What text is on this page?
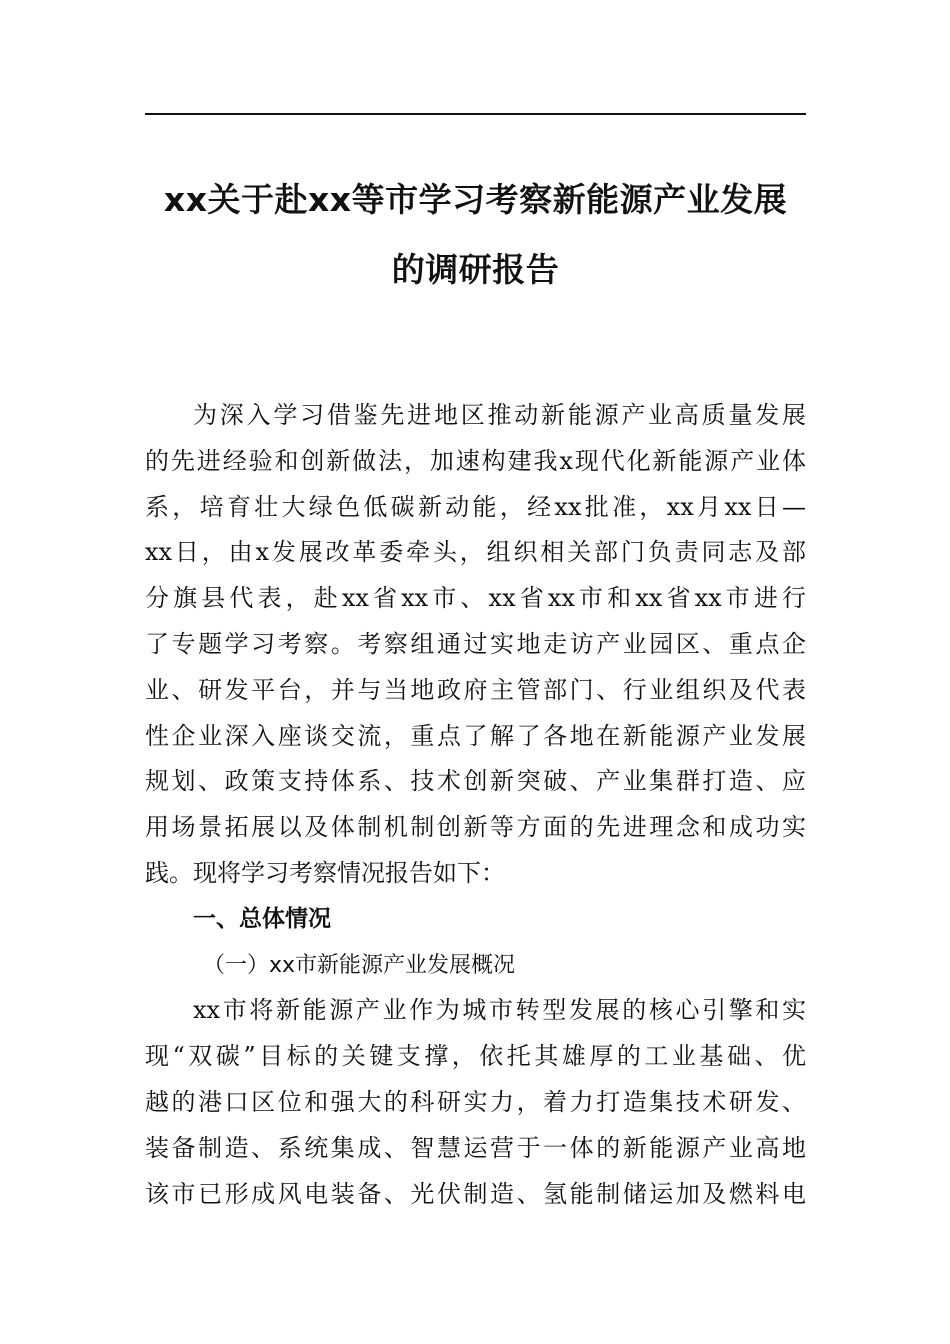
xx关于赴xx等市学习考察新能源产业发展
的调研报告
为深入学习借鉴先进地区推动新能源产业高质量发展
的先进经验和创新做法，加速构建我x现代化新能源产业体
系，培育壮大绿色低碳新动能，经xx批准，xx月xx日—
xx日，由x发展改革委牵头，组织相关部门负责同志及部
分旗县代表，赴xx省xx市、xx省xx市和xx省xx市进行
了专题学习考察。考察组通过实地走访产业园区、重点企
业、研发平台，并与当地政府主管部门、行业组织及代表
性企业深入座谈交流，重点了解了各地在新能源产业发展
规划、政策支持体系、技术创新突破、产业集群打造、应
用场景拓展以及体制机制创新等方面的先进理念和成功实
践。现将学习考察情况报告如下：
一、总体情况
（一）xx市新能源产业发展概况
xx市将新能源产业作为城市转型发展的核心引擎和实
现“双碳”目标的关键支撑，依托其雄厚的工业基础、优
越的港口区位和强大的科研实力，着力打造集技术研发、
装备制造、系统集成、智慧运营于一体的新能源产业高地
该市已形成风电装备、光伏制造、氢能制储运加及燃料电
